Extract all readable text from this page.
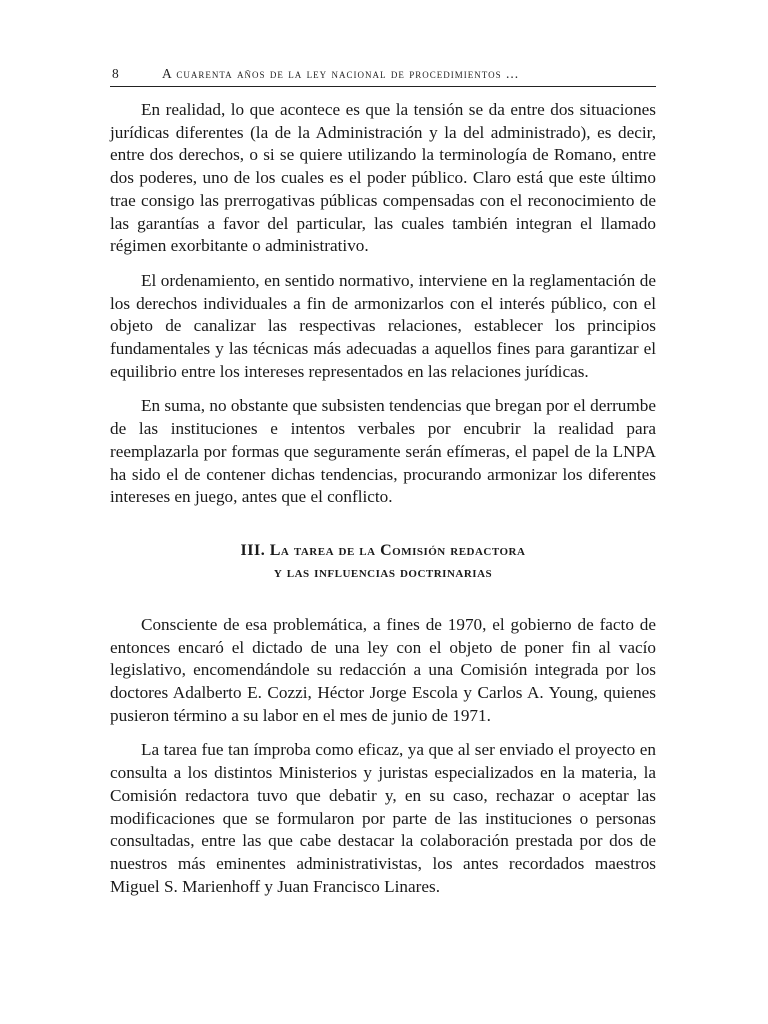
8	A cuarenta años de la ley nacional de procedimientos ...

En realidad, lo que acontece es que la tensión se da entre dos situaciones jurídicas diferentes (la de la Administración y la del administrado), es decir, entre dos derechos, o si se quiere utilizando la terminología de Romano, entre dos poderes, uno de los cuales es el poder público. Claro está que este último trae consigo las prerrogativas públicas compensadas con el reconocimiento de las garantías a favor del particular, las cuales también integran el llamado régimen exorbitante o administrativo.

El ordenamiento, en sentido normativo, interviene en la reglamentación de los derechos individuales a fin de armonizarlos con el interés público, con el objeto de canalizar las respectivas relaciones, establecer los principios fundamentales y las técnicas más adecuadas a aquellos fines para garantizar el equilibrio entre los intereses representados en las relaciones jurídicas.

En suma, no obstante que subsisten tendencias que bregan por el derrumbe de las instituciones e intentos verbales por encubrir la realidad para reemplazarla por formas que seguramente serán efímeras, el papel de la LNPA ha sido el de contener dichas tendencias, procurando armonizar los diferentes intereses en juego, antes que el conflicto.

III. La tarea de la Comisión redactora
y las influencias doctrinarias

Consciente de esa problemática, a fines de 1970, el gobierno de facto de entonces encaró el dictado de una ley con el objeto de poner fin al vacío legislativo, encomendándole su redacción a una Comisión integrada por los doctores Adalberto E. Cozzi, Héctor Jorge Escola y Carlos A. Young, quienes pusieron término a su labor en el mes de junio de 1971.

La tarea fue tan ímproba como eficaz, ya que al ser enviado el proyecto en consulta a los distintos Ministerios y juristas especializados en la materia, la Comisión redactora tuvo que debatir y, en su caso, rechazar o aceptar las modificaciones que se formularon por parte de las instituciones o personas consultadas, entre las que cabe destacar la colaboración prestada por dos de nuestros más eminentes administrativistas, los antes recordados maestros Miguel S. Marienhoff y Juan Francisco Linares.
